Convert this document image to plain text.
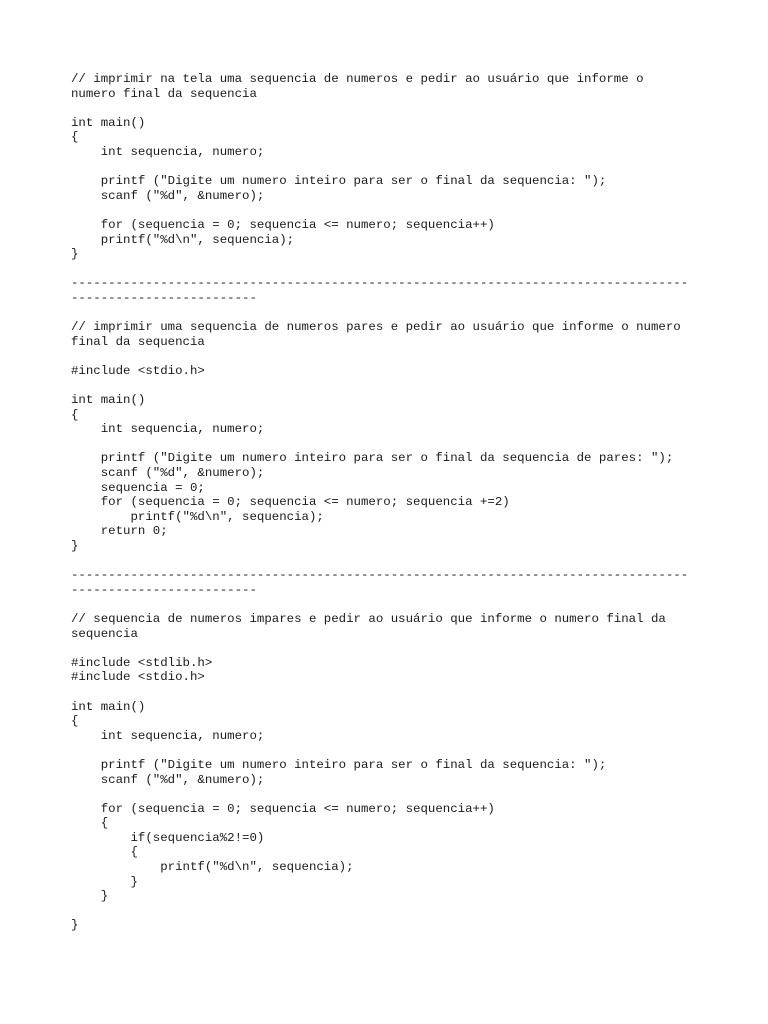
// imprimir na tela uma sequencia de numeros e pedir ao usuário que informe o
numero final da sequencia
int main()
{
int sequencia, numero;
printf ("Digite um numero inteiro para ser o final da sequencia: ");
scanf ("%d", &numero);
for (sequencia = 0; sequencia <= numero; sequencia++)
printf("%d\n", sequencia);
}
-----------------------------------------------------------------------------------
-------------------------
// imprimir uma sequencia de numeros pares e pedir ao usuário que informe o numero
final da sequencia
#include <stdio.h>
int main()
{
int sequencia, numero;
printf ("Digite um numero inteiro para ser o final da sequencia de pares: ");
scanf ("%d", &numero);
sequencia = 0;
for (sequencia = 0; sequencia <= numero; sequencia +=2)
printf("%d\n", sequencia);
return 0;
}
-----------------------------------------------------------------------------------
-------------------------
// sequencia de numeros impares e pedir ao usuário que informe o numero final da
sequencia
#include <stdlib.h>
#include <stdio.h>
int main()
{
int sequencia, numero;
printf ("Digite um numero inteiro para ser o final da sequencia: ");
scanf ("%d", &numero);
for (sequencia = 0; sequencia <= numero; sequencia++)
{
if(sequencia%2!=0)
{
printf("%d\n", sequencia);
}
}
}
